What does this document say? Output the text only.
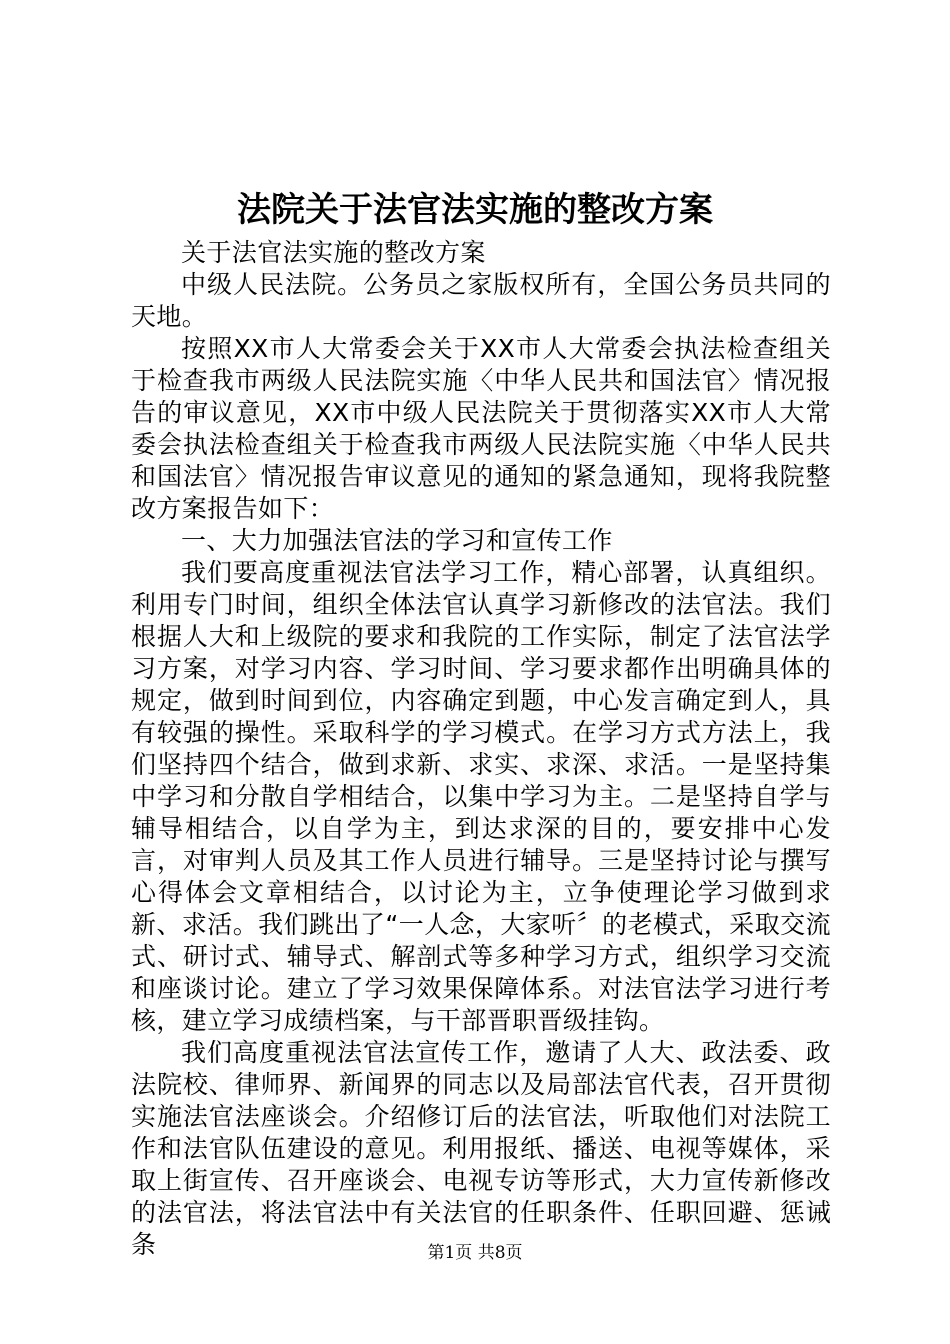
法院关于法官法实施的整改方案

关于法官法实施的整改方案

中级人民法院。公务员之家版权所有，全国公务员共同的天地。

按照XX市人大常委会关于XX市人大常委会执法检查组关于检查我市两级人民法院实施〈中华人民共和国法官〉情况报告的审议意见，XX市中级人民法院关于贯彻落实XX市人大常委会执法检查组关于检查我市两级人民法院实施〈中华人民共和国法官〉情况报告审议意见的通知的紧急通知，现将我院整改方案报告如下：

一、大力加强法官法的学习和宣传工作

我们要高度重视法官法学习工作，精心部署，认真组织。利用专门时间，组织全体法官认真学习新修改的法官法。我们根据人大和上级院的要求和我院的工作实际，制定了法官法学习方案，对学习内容、学习时间、学习要求都作出明确具体的规定，做到时间到位，内容确定到题，中心发言确定到人，具有较强的操性。采取科学的学习模式。在学习方式方法上，我们坚持四个结合，做到求新、求实、求深、求活。一是坚持集中学习和分散自学相结合，以集中学习为主。二是坚持自学与辅导相结合，以自学为主，到达求深的目的，要安排中心发言，对审判人员及其工作人员进行辅导。三是坚持讨论与撰写心得体会文章相结合，以讨论为主，立争使理论学习做到求新、求活。我们跳出了“一人念，大家听〞的老模式，采取交流式、研讨式、辅导式、解剖式等多种学习方式，组织学习交流和座谈讨论。建立了学习效果保障体系。对法官法学习进行考核，建立学习成绩档案，与干部晋职晋级挂钩。

我们高度重视法官法宣传工作，邀请了人大、政法委、政法院校、律师界、新闻界的同志以及局部法官代表，召开贯彻实施法官法座谈会。介绍修订后的法官法，听取他们对法院工作和法官队伍建设的意见。利用报纸、播送、电视等媒体，采取上街宣传、召开座谈会、电视专访等形式，大力宣传新修改的法官法，将法官法中有关法官的任职条件、任职回避、惩诫条	第1页 共8页
